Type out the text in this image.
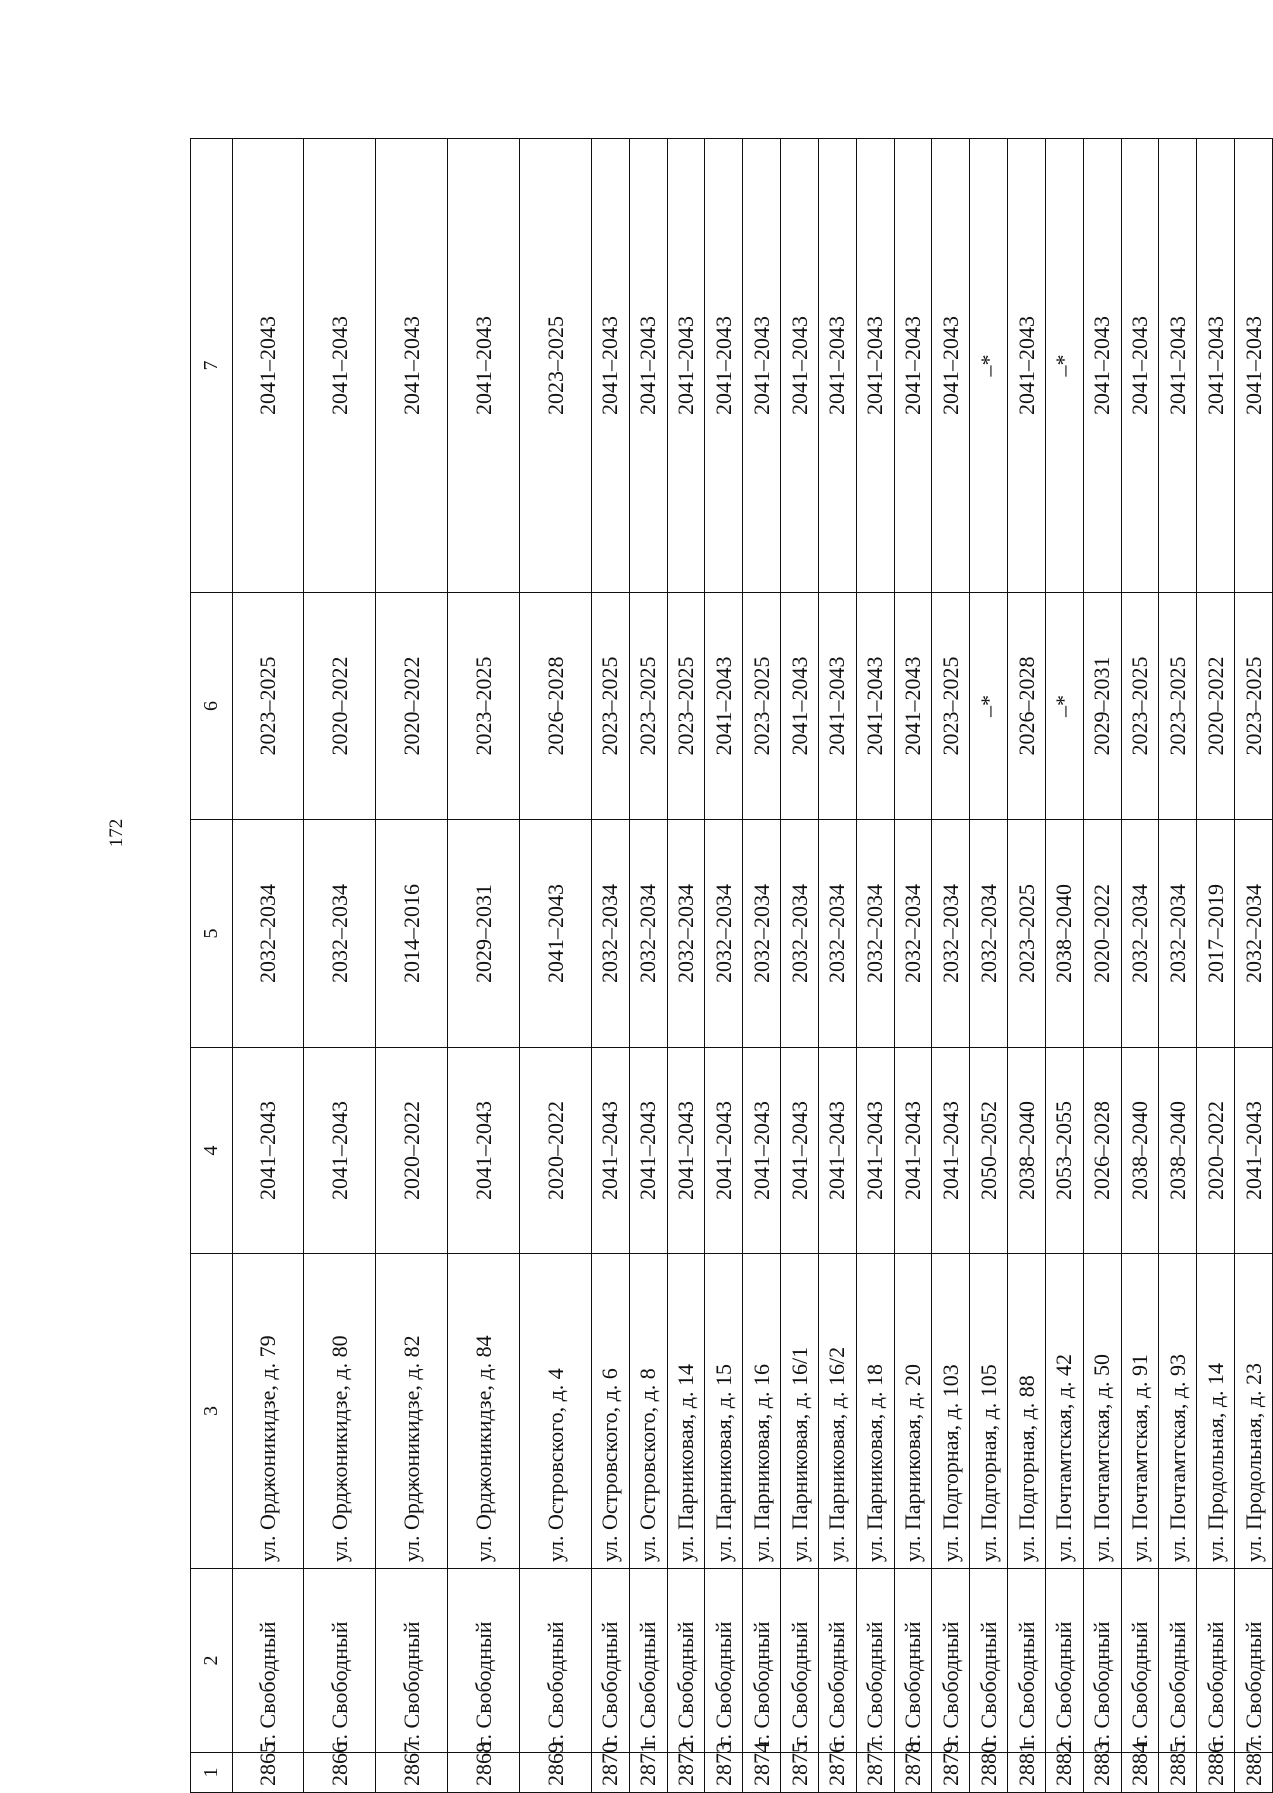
172
1	2	3	4	5	6	7
2865	г. Свободный	ул. Орджоникидзе, д. 79	2041–2043	2032–2034	2023–2025	2041–2043
2866	г. Свободный	ул. Орджоникидзе, д. 80	2041–2043	2032–2034	2020–2022	2041–2043
2867	г. Свободный	ул. Орджоникидзе, д. 82	2020–2022	2014–2016	2020–2022	2041–2043
2868	г. Свободный	ул. Орджоникидзе, д. 84	2041–2043	2029–2031	2023–2025	2041–2043
2869	г. Свободный	ул. Островского, д. 4	2020–2022	2041–2043	2026–2028	2023–2025
2870	г. Свободный	ул. Островского, д. 6	2041–2043	2032–2034	2023–2025	2041–2043
2871	г. Свободный	ул. Островского, д. 8	2041–2043	2032–2034	2023–2025	2041–2043
2872	г. Свободный	ул. Парниковая, д. 14	2041–2043	2032–2034	2023–2025	2041–2043
2873	г. Свободный	ул. Парниковая, д. 15	2041–2043	2032–2034	2041–2043	2041–2043
2874	г. Свободный	ул. Парниковая, д. 16	2041–2043	2032–2034	2023–2025	2041–2043
2875	г. Свободный	ул. Парниковая, д. 16/1	2041–2043	2032–2034	2041–2043	2041–2043
2876	г. Свободный	ул. Парниковая, д. 16/2	2041–2043	2032–2034	2041–2043	2041–2043
2877	г. Свободный	ул. Парниковая, д. 18	2041–2043	2032–2034	2041–2043	2041–2043
2878	г. Свободный	ул. Парниковая, д. 20	2041–2043	2032–2034	2041–2043	2041–2043
2879	г. Свободный	ул. Подгорная, д. 103	2041–2043	2032–2034	2023–2025	2041–2043
2880	г. Свободный	ул. Подгорная, д. 105	2050–2052	2032–2034	–*	–*
2881	г. Свободный	ул. Подгорная, д. 88	2038–2040	2023–2025	2026–2028	2041–2043
2882	г. Свободный	ул. Почтамтская, д. 42	2053–2055	2038–2040	–*	–*
2883	г. Свободный	ул. Почтамтская, д. 50	2026–2028	2020–2022	2029–2031	2041–2043
2884	г. Свободный	ул. Почтамтская, д. 91	2038–2040	2032–2034	2023–2025	2041–2043
2885	г. Свободный	ул. Почтамтская, д. 93	2038–2040	2032–2034	2023–2025	2041–2043
2886	г. Свободный	ул. Продольная, д. 14	2020–2022	2017–2019	2020–2022	2041–2043
2887	г. Свободный	ул. Продольная, д. 23	2041–2043	2032–2034	2023–2025	2041–2043
